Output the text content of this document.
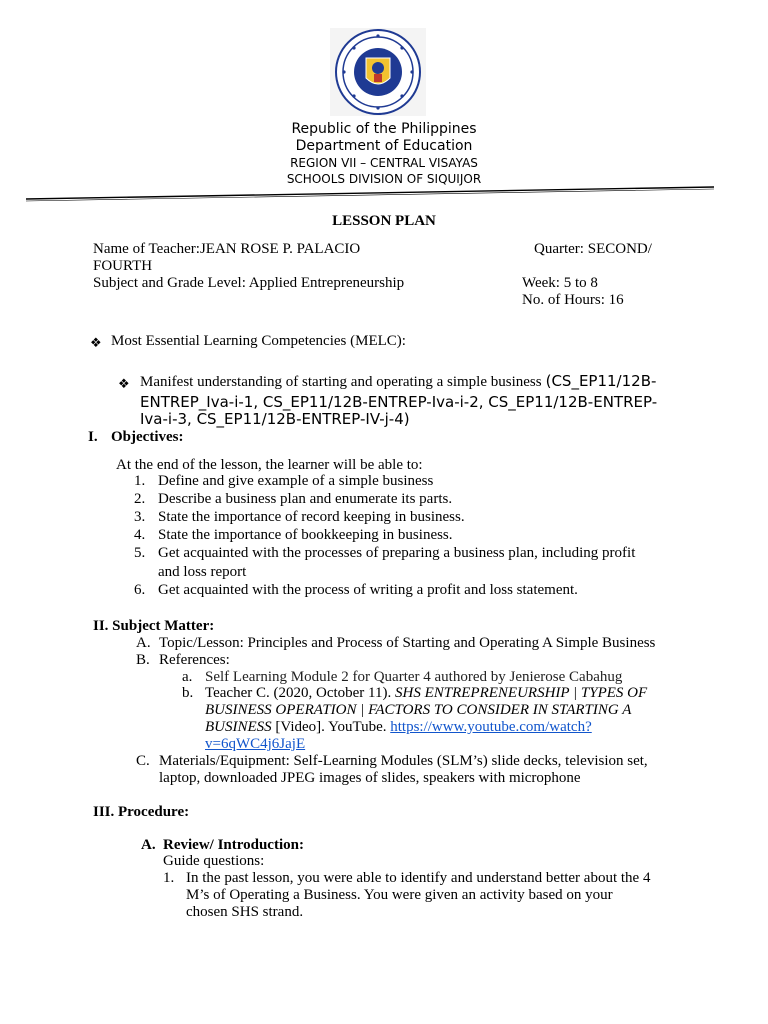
Republic of the Philippines
Department of Education
REGION VII – CENTRAL VISAYAS
SCHOOLS DIVISION OF SIQUIJOR
LESSON PLAN
Name of Teacher:JEAN ROSE P. PALACIO	Quarter: SECOND/
FOURTH
Subject and Grade Level: Applied Entrepreneurship	Week: 5 to 8
No. of Hours: 16
❖ Most Essential Learning Competencies (MELC):
❖ Manifest understanding of starting and operating a simple business (CS_EP11/12B-
ENTREP_Iva-i-1, CS_EP11/12B-ENTREP-Iva-i-2, CS_EP11/12B-ENTREP-
Iva-i-3, CS_EP11/12B-ENTREP-IV-j-4)
I. Objectives:
At the end of the lesson, the learner will be able to:
1. Define and give example of a simple business
2. Describe a business plan and enumerate its parts.
3. State the importance of record keeping in business.
4. State the importance of bookkeeping in business.
5. Get acquainted with the processes of preparing a business plan, including profit
and loss report
6. Get acquainted with the process of writing a profit and loss statement.
II. Subject Matter:
A. Topic/Lesson: Principles and Process of Starting and Operating A Simple Business
B. References:
a. Self Learning Module 2 for Quarter 4 authored by Jenierose Cabahug
b. Teacher C. (2020, October 11). SHS ENTREPRENEURSHIP | TYPES OF
BUSINESS OPERATION | FACTORS TO CONSIDER IN STARTING A
BUSINESS [Video]. YouTube. https://www.youtube.com/watch?
v=6qWC4j6JajE
C. Materials/Equipment: Self-Learning Modules (SLM’s) slide decks, television set,
laptop, downloaded JPEG images of slides, speakers with microphone
III. Procedure:
A. Review/ Introduction:
Guide questions:
1. In the past lesson, you were able to identify and understand better about the 4
M’s of Operating a Business. You were given an activity based on your
chosen SHS strand.
